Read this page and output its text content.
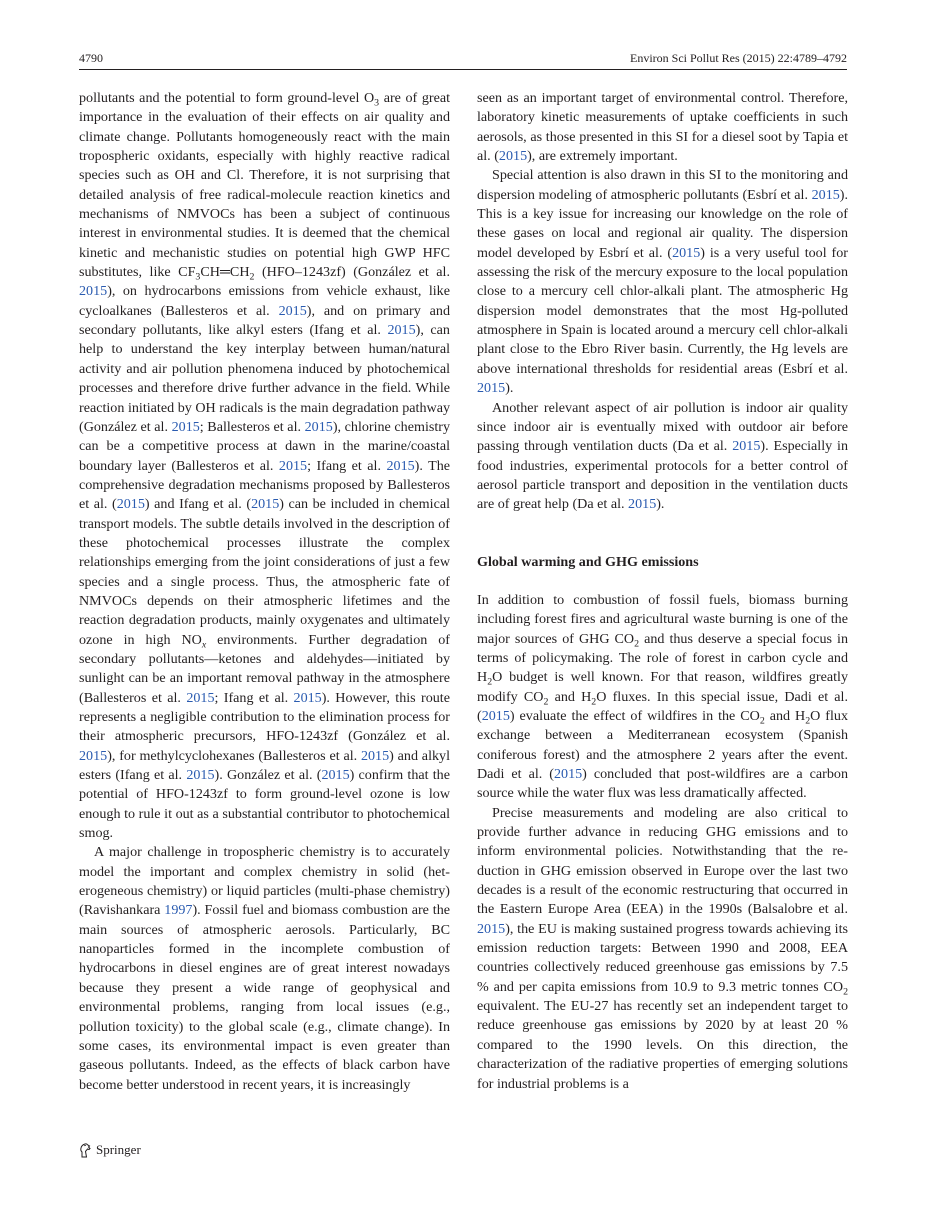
4790	Environ Sci Pollut Res (2015) 22:4789–4792

pollutants and the potential to form ground-level $O_3$ are of great importance in the evaluation of their effects on air quality and climate change. Pollutants homogeneously react with the main tropospheric oxidants, especially with highly reactive radical species such as OH and Cl. Therefore, it is not surprising that detailed analysis of free radical-molecule reaction kinetics and mechanisms of NMVOCs has been a subject of continuous interest in environmental studies. It is deemed that the chemical kinetic and mechanistic studies on potential high GWP HFC substitutes, like $CF_3CH═CH_2$ (HFO–1243zf) (González et al. 2015), on hydrocarbons emissions from vehicle exhaust, like cycloalkanes (Ballesteros et al. 2015), and on primary and secondary pollutants, like alkyl esters (Ifang et al. 2015), can help to understand the key interplay between human/natural activity and air pollution phenomena induced by photochemical processes and therefore drive further advance in the field. While reaction initiated by OH radicals is the main degradation pathway (González et al. 2015; Ballesteros et al. 2015), chlorine chemistry can be a competitive process at dawn in the marine/coastal boundary layer (Ballesteros et al. 2015; Ifang et al. 2015). The comprehensive degradation mechanisms proposed by Ballesteros et al. (2015) and Ifang et al. (2015) can be included in chemical transport models. The subtle details involved in the description of these photochemical processes illustrate the complex relationships emerging from the joint considerations of just a few species and a single process. Thus, the atmospheric fate of NMVOCs depends on their atmospheric lifetimes and the reaction degradation products, mainly oxygenates and ultimately ozone in high $NO_x$ environments. Further degradation of secondary pollutants—ketones and aldehydes—initiated by sunlight can be an important removal pathway in the atmosphere (Ballesteros et al. 2015; Ifang et al. 2015). However, this route represents a negligible contribution to the elimination process for their atmospheric precursors, HFO-1243zf (González et al. 2015), for methylcyclohexanes (Ballesteros et al. 2015) and alkyl esters (Ifang et al. 2015). González et al. (2015) confirm that the potential of HFO-1243zf to form ground-level ozone is low enough to rule it out as a substantial contributor to photochemical smog.

A major challenge in tropospheric chemistry is to accurately model the important and complex chemistry in solid (heterogeneous chemistry) or liquid particles (multi-phase chemistry) (Ravishankara 1997). Fossil fuel and biomass combustion are the main sources of atmospheric aerosols. Particularly, BC nanoparticles formed in the incomplete combustion of hydrocarbons in diesel engines are of great interest nowadays because they present a wide range of geophysical and environmental problems, ranging from local issues (e.g., pollution toxicity) to the global scale (e.g., climate change). In some cases, its environmental impact is even greater than gaseous pollutants. Indeed, as the effects of black carbon have become better understood in recent years, it is increasingly

seen as an important target of environmental control. Therefore, laboratory kinetic measurements of uptake coefficients in such aerosols, as those presented in this SI for a diesel soot by Tapia et al. (2015), are extremely important.

Special attention is also drawn in this SI to the monitoring and dispersion modeling of atmospheric pollutants (Esbrí et al. 2015). This is a key issue for increasing our knowledge on the role of these gases on local and regional air quality. The dispersion model developed by Esbrí et al. (2015) is a very useful tool for assessing the risk of the mercury exposure to the local population close to a mercury cell chlor-alkali plant. The atmospheric Hg dispersion model demonstrates that the most Hg-polluted atmosphere in Spain is located around a mercury cell chlor-alkali plant close to the Ebro River basin. Currently, the Hg levels are above international thresholds for residential areas (Esbrí et al. 2015).

Another relevant aspect of air pollution is indoor air quality since indoor air is eventually mixed with outdoor air before passing through ventilation ducts (Da et al. 2015). Especially in food industries, experimental protocols for a better control of aerosol particle transport and deposition in the ventilation ducts are of great help (Da et al. 2015).

Global warming and GHG emissions

In addition to combustion of fossil fuels, biomass burning including forest fires and agricultural waste burning is one of the major sources of GHG $CO_2$ and thus deserve a special focus in terms of policymaking. The role of forest in carbon cycle and $H_2O$ budget is well known. For that reason, wildfires greatly modify $CO_2$ and $H_2O$ fluxes. In this special issue, Dadi et al. (2015) evaluate the effect of wildfires in the $CO_2$ and $H_2O$ flux exchange between a Mediterranean ecosystem (Spanish coniferous forest) and the atmosphere 2 years after the event. Dadi et al. (2015) concluded that post-wildfires are a carbon source while the water flux was less dramatically affected.

Precise measurements and modeling are also critical to provide further advance in reducing GHG emissions and to inform environmental policies. Notwithstanding that the reduction in GHG emission observed in Europe over the last two decades is a result of the economic restructuring that occurred in the Eastern Europe Area (EEA) in the 1990s (Balsalobre et al. 2015), the EU is making sustained progress towards achieving its emission reduction targets: Between 1990 and 2008, EEA countries collectively reduced greenhouse gas emissions by 7.5 % and per capita emissions from 10.9 to 9.3 metric tonnes $CO_2$ equivalent. The EU-27 has recently set an independent target to reduce greenhouse gas emissions by 2020 by at least 20 % compared to the 1990 levels. On this direction, the characterization of the radiative properties of emerging solutions for industrial problems is a

Springer
